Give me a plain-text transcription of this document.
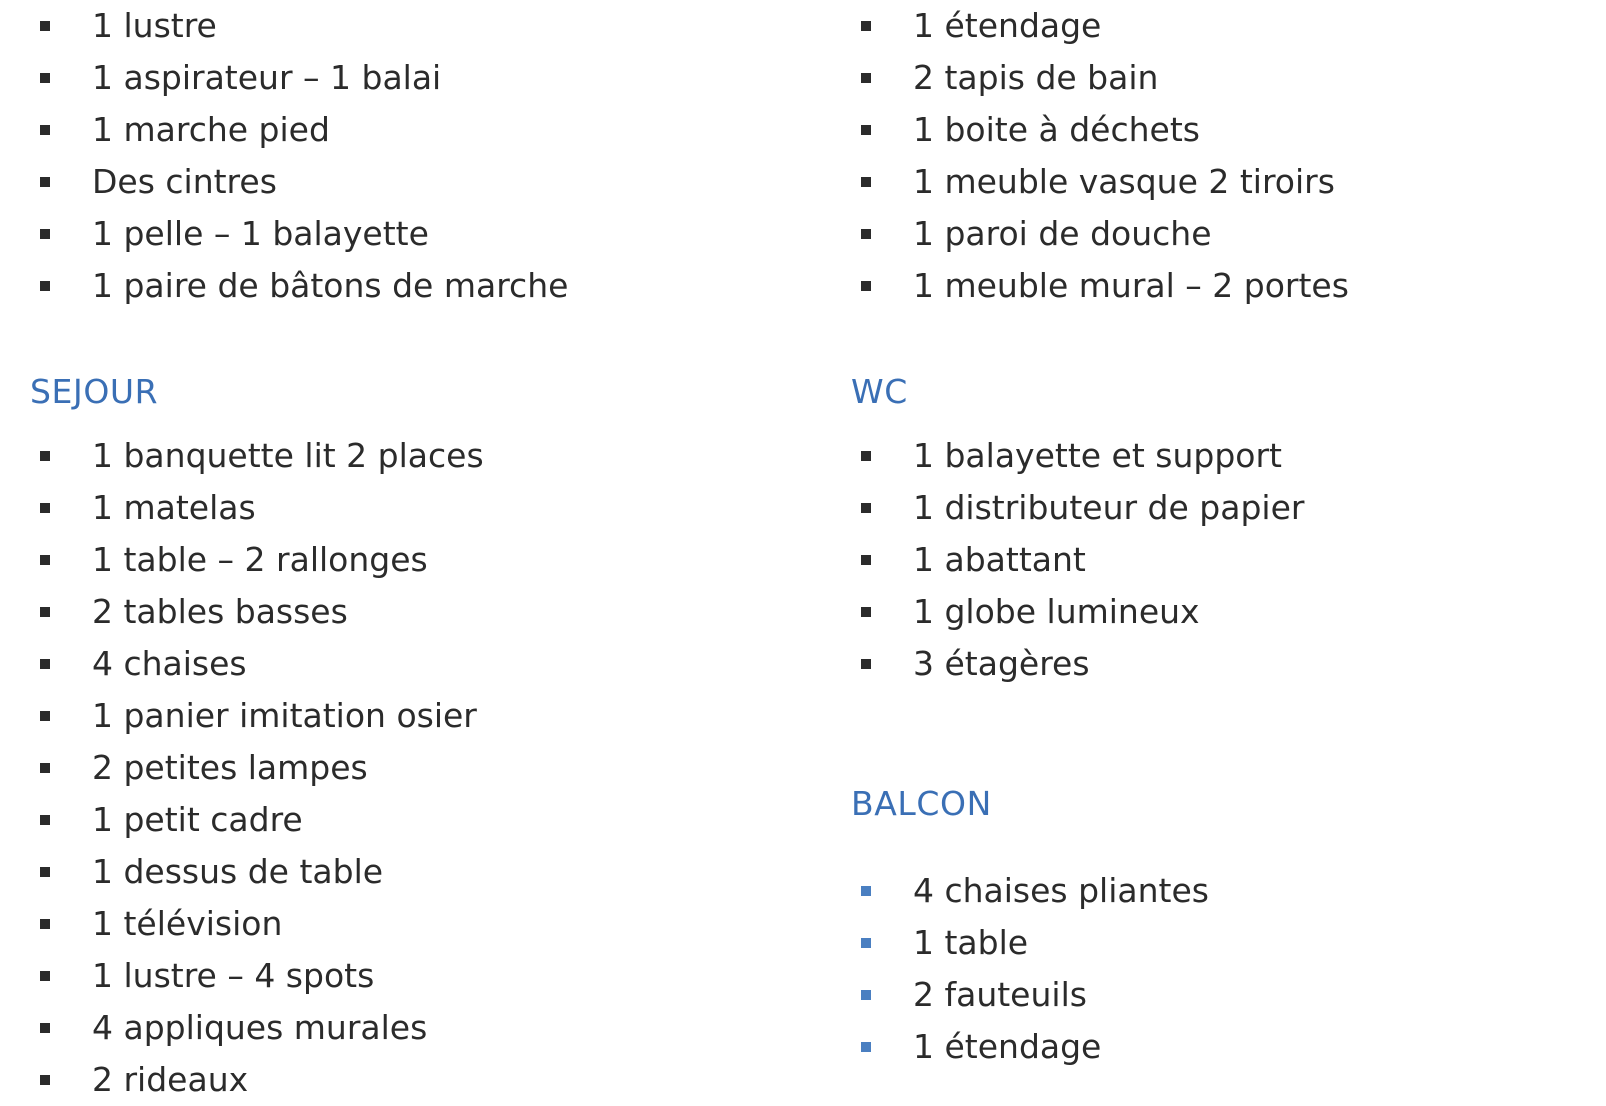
1 lustre
1 aspirateur – 1 balai
1 marche pied
Des cintres
1 pelle – 1 balayette
1 paire de bâtons de marche
SEJOUR
1 banquette lit 2 places
1 matelas
1 table – 2 rallonges
2 tables basses
4 chaises
1 panier imitation osier
2 petites lampes
1 petit cadre
1 dessus de table
1 télévision
1 lustre – 4 spots
4 appliques murales
2 rideaux
1 étendage
2 tapis de bain
1 boite à déchets
1 meuble vasque 2 tiroirs
1 paroi de douche
1 meuble mural – 2 portes
WC
1 balayette et support
1 distributeur de papier
1 abattant
1 globe lumineux
3 étagères
BALCON
4 chaises pliantes
1 table
2 fauteuils
1 étendage
